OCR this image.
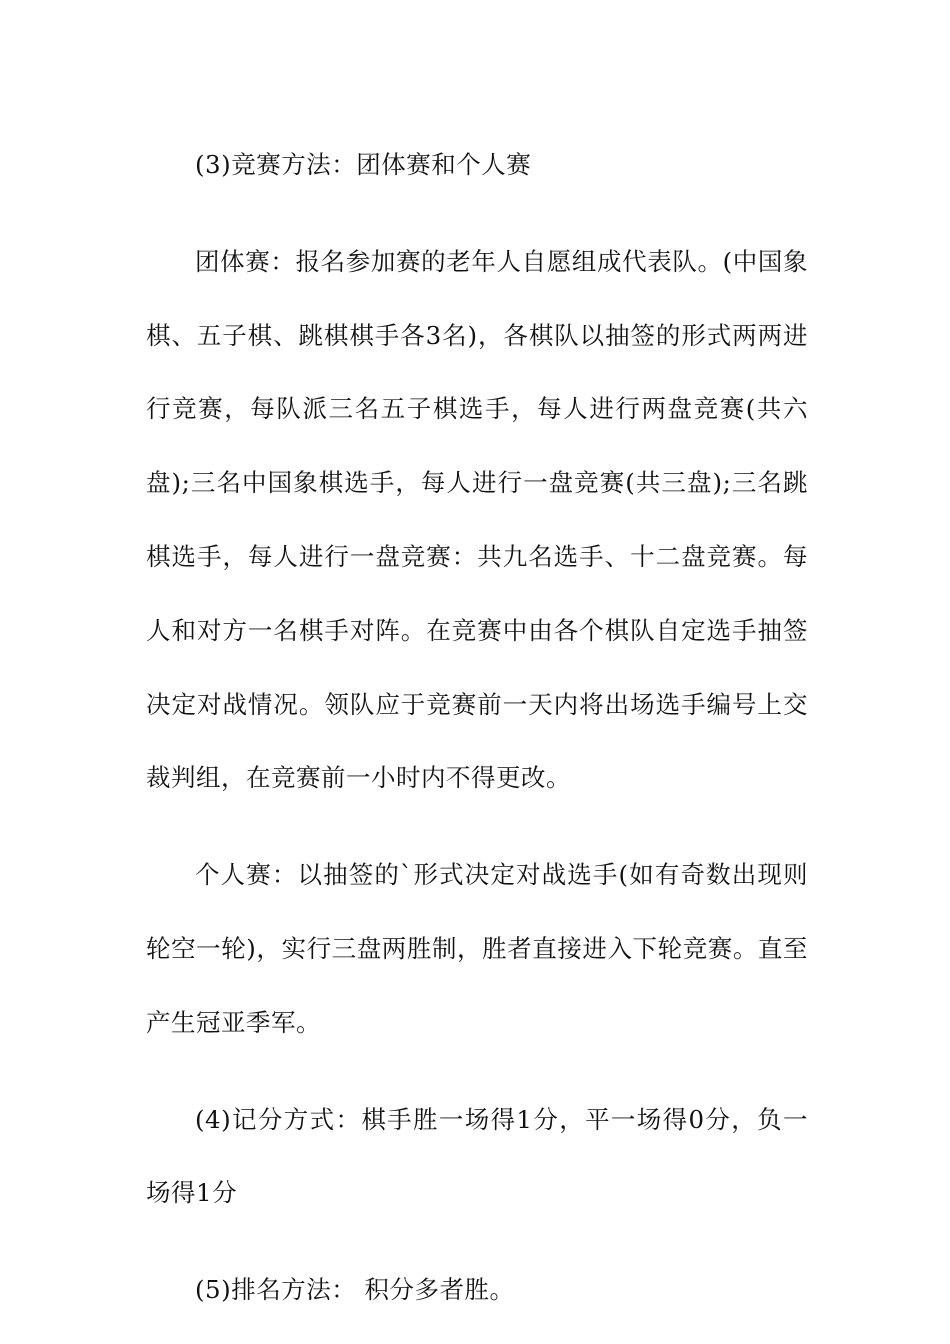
(3)竞赛方法：团体赛和个人赛

团体赛：报名参加赛的老年人自愿组成代表队。(中国象棋、五子棋、跳棋棋手各3名)，各棋队以抽签的形式两两进行竞赛，每队派三名五子棋选手，每人进行两盘竞赛(共六盘);三名中国象棋选手，每人进行一盘竞赛(共三盘);三名跳棋选手，每人进行一盘竞赛：共九名选手、十二盘竞赛。每人和对方一名棋手对阵。在竞赛中由各个棋队自定选手抽签决定对战情况。领队应于竞赛前一天内将出场选手编号上交裁判组，在竞赛前一小时内不得更改。

个人赛：以抽签的`形式决定对战选手(如有奇数出现则轮空一轮)，实行三盘两胜制，胜者直接进入下轮竞赛。直至产生冠亚季军。

(4)记分方式：棋手胜一场得1分，平一场得0分，负一场得1分

(5)排名方法： 积分多者胜。
